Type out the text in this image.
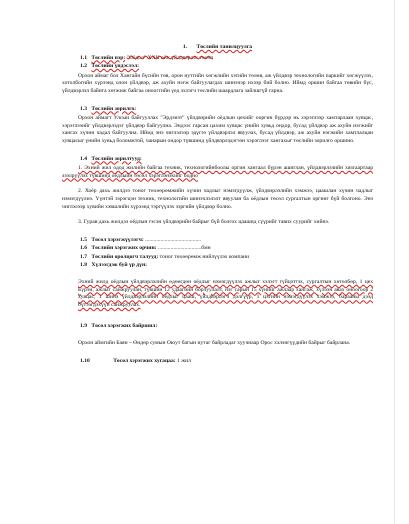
1. Төслийн танилцуулга
1.1 Төслийн нэр: "Оёдол" ХХК оёж үйлдвэрлэх төсөл
1.2 Төслийн үндэслэл:

Орхон аймаг бол Хангайн бүсийн төв, орон нутгийн хөгжлийн хэтийн төлөв, аж үйлдвэр технологийн паркийг хөгжүүлэх, хотолбогийн хүрээнд олон үйлдвэр, аж ахуйн нэгж байгуулагдах шинэчэр ихээр бий болно. Иймд оршин байгаа төвийн бүс, үйлдвэрлэл байнга хөгжиж байгаа онооггийн үед эхлэгч төслийн шаардлага зайлшгүй гарна.

1.3 Төслийн зорилго:

Орхон аймагт Улсын байгууллах "Эрдэнэт" үйлдвэрийн оёдлын цехийг ооргин бүрдэр нь хэрэглээр хамтарлаан хувцас, хэрэглээнйг үйлдвэрлэдэг үйлдвэр байгуулна. Эндээс гарсан цахим хувцас үнийн хувьд ондор, бусад үйлдвэр аж ахуйн нэгжийг хангах хүчин чадал байгуулна. Иймд энэ чиглэлээр эдүгээ үйлдвэрлэл явуулах, бусад үйлдвэр, аж ахуйн нэгжийн хамтлалцан хувцасыг үнийн хувьд боломжтой, чанарын ондор түвшинд үйлдвэрлэдэгээн хэрэглээг хангахыг төслийн зорилго оршино.

1.4 Төслийн зорилтууд:

1. Эхний жил одод жилийн байгаа техник, технологийнбоолы оргин хангаал бүрэн ашиглан, үйлдвэрлэлийн хязгаартаар зээлрүүлэх түвшинд оёдлыйн төсөл хэрэглэнэхийг бодно

2. Хоёр дахь жилдээ тоног төхөөрөмжийн хүчин чадлыг нэмэгдүүлж, үйлдвэрлэлийн хэмжээ, цаашлан хүчин чадлыг нэмэгдүүлнэ. Үүнтэй зэрэгцэн техник, технологийн шинэчлэлэлт явуулан ба оёдлын төсөл сургалтын оргинг бүй болгоно. Энэ чиглэлээр хувийн хэвшлийн хүрээнд тэргүүлэх зэргийн үйлдвэр болно.

3. Гурав дахь жилдээ оёдлын гэсэн үйлдвэрийн байрыг бүй болгох цаашид сүүрийг тавих суурийг хийнэ.

1.5 Төсөл хэрэгжүүлэгч: ........................................
1.6 Төслийн хэрэгжих орчин: ...............................бмн
1.7 Төслийн оролцогч талууд: тоног төхөөрөмж нийлүүлэх компани
1.8 Хүлээгдэж буй үр дүн:

Эхний жилд оёдлын үйлдвэрлэлийн өдөөгдөн оёдлыг нэмэгдүүлэх ажлыг хэлэгт гүйцэтгэх, сургалтын хөтөлбөр, 1 цех Бүрэн, ажлыг сайжруулан, түвшин 12 удаагийн борлуулалт, нэг сарын 15 хүнийг ажлаар хангаж, хүлээн авах оноогоор 2 хувцас, 1 шинэ үйлдвэрлэлийн оёдлыг цааш, үйлдвэрлэгч дэлгүүр, 1 цэгийн нэмэгдүүлэх хэмжээ, барааны дээд бүтээгдэхүүн сайжруулах.

1.9 Төсөл хэрэгжих байршил:

Орхон аймгийн Баян – Өндөр сумын Оюут багын нутаг байрладаг хуучнаар Орос хэлэнгүүдийн байрыг байрлана.

1.10	Төсөл хэрэгжих хугацаа: 1 жил
